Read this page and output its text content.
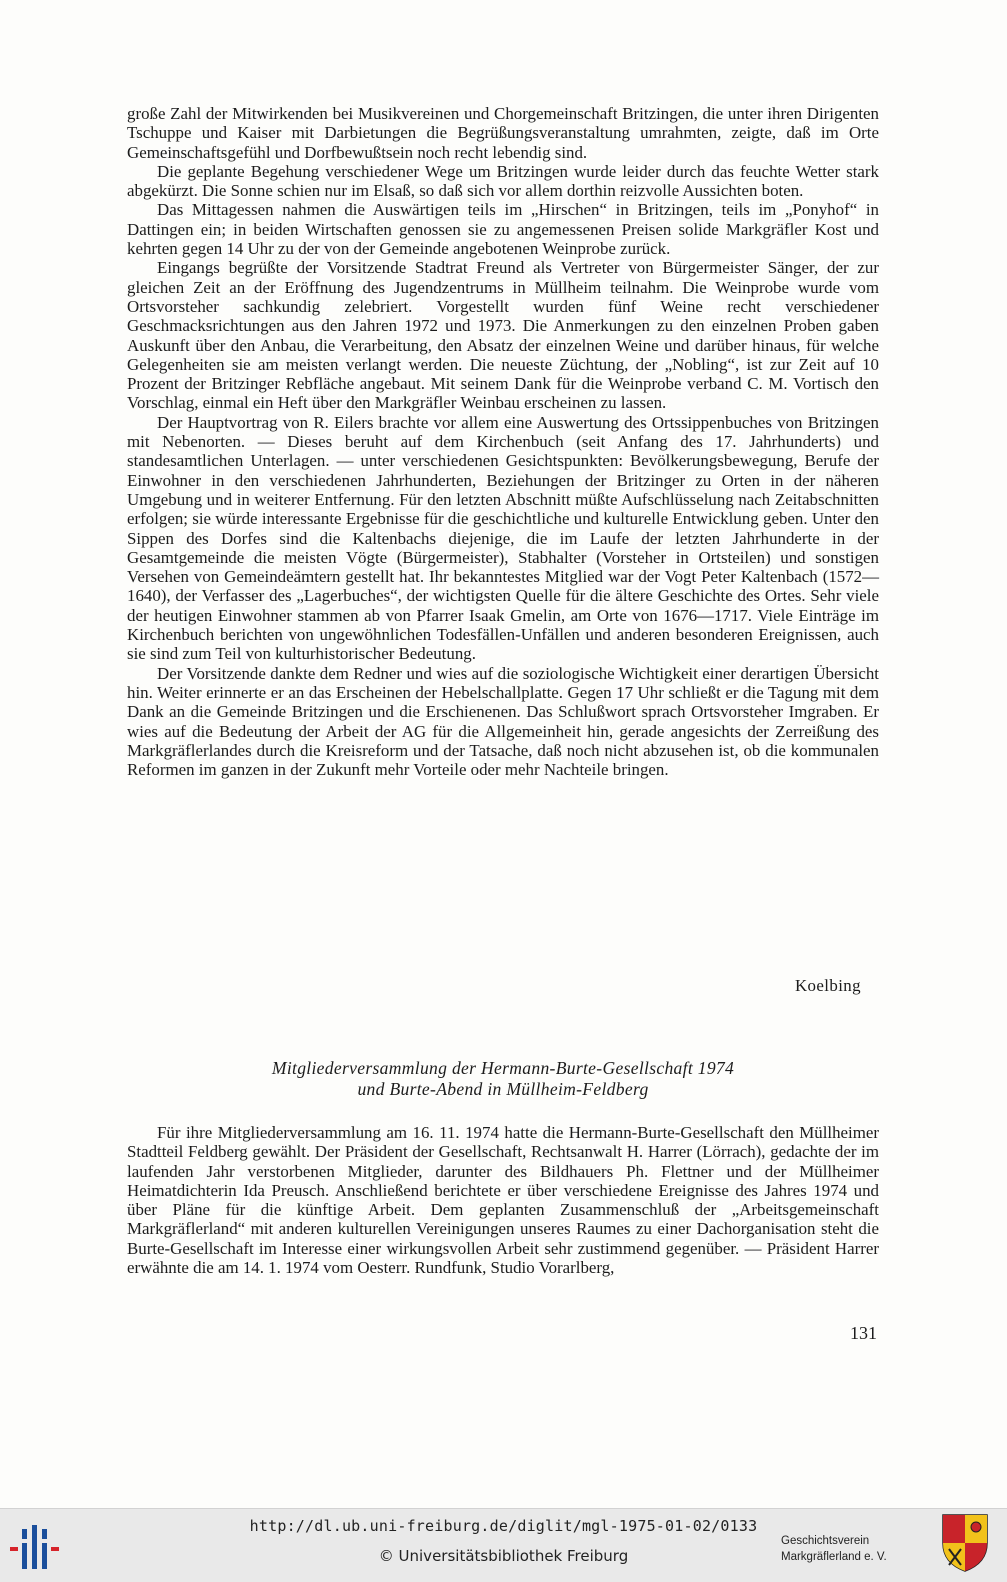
große Zahl der Mitwirkenden bei Musikvereinen und Chorgemeinschaft Britzingen, die unter ihren Dirigenten Tschuppe und Kaiser mit Darbietungen die Begrüßungsveranstaltung umrahmten, zeigte, daß im Orte Gemeinschaftsgefühl und Dorfbewußtsein noch recht lebendig sind.

Die geplante Begehung verschiedener Wege um Britzingen wurde leider durch das feuchte Wetter stark abgekürzt. Die Sonne schien nur im Elsaß, so daß sich vor allem dorthin reizvolle Aussichten boten.

Das Mittagessen nahmen die Auswärtigen teils im „Hirschen“ in Britzingen, teils im „Ponyhof“ in Dattingen ein; in beiden Wirtschaften genossen sie zu angemessenen Preisen solide Markgräfler Kost und kehrten gegen 14 Uhr zu der von der Gemeinde angebotenen Weinprobe zurück.

Eingangs begrüßte der Vorsitzende Stadtrat Freund als Vertreter von Bürgermeister Sänger, der zur gleichen Zeit an der Eröffnung des Jugendzentrums in Müllheim teilnahm. Die Weinprobe wurde vom Ortsvorsteher sachkundig zelebriert. Vorgestellt wurden fünf Weine recht verschiedener Geschmacksrichtungen aus den Jahren 1972 und 1973. Die Anmerkungen zu den einzelnen Proben gaben Auskunft über den Anbau, die Verarbeitung, den Absatz der einzelnen Weine und darüber hinaus, für welche Gelegenheiten sie am meisten verlangt werden. Die neueste Züchtung, der „Nobling“, ist zur Zeit auf 10 Prozent der Britzinger Rebfläche angebaut. Mit seinem Dank für die Weinprobe verband C. M. Vortisch den Vorschlag, einmal ein Heft über den Markgräfler Weinbau erscheinen zu lassen.

Der Hauptvortrag von R. Eilers brachte vor allem eine Auswertung des Ortssippenbuches von Britzingen mit Nebenorten. — Dieses beruht auf dem Kirchenbuch (seit Anfang des 17. Jahrhunderts) und standesamtlichen Unterlagen. — unter verschiedenen Gesichtspunkten: Bevölkerungsbewegung, Berufe der Einwohner in den verschiedenen Jahrhunderten, Beziehungen der Britzinger zu Orten in der näheren Umgebung und in weiterer Entfernung. Für den letzten Abschnitt müßte Aufschlüsselung nach Zeitabschnitten erfolgen; sie würde interessante Ergebnisse für die geschichtliche und kulturelle Entwicklung geben. Unter den Sippen des Dorfes sind die Kaltenbachs diejenige, die im Laufe der letzten Jahrhunderte in der Gesamtgemeinde die meisten Vögte (Bürgermeister), Stabhalter (Vorsteher in Ortsteilen) und sonstigen Versehen von Gemeindeämtern gestellt hat. Ihr bekanntestes Mitglied war der Vogt Peter Kaltenbach (1572—1640), der Verfasser des „Lagerbuches“, der wichtigsten Quelle für die ältere Geschichte des Ortes. Sehr viele der heutigen Einwohner stammen ab von Pfarrer Isaak Gmelin, am Orte von 1676—1717. Viele Einträge im Kirchenbuch berichten von ungewöhnlichen Todesfällen-Unfällen und anderen besonderen Ereignissen, auch sie sind zum Teil von kulturhistorischer Bedeutung.

Der Vorsitzende dankte dem Redner und wies auf die soziologische Wichtigkeit einer derartigen Übersicht hin. Weiter erinnerte er an das Erscheinen der Hebelschallplatte. Gegen 17 Uhr schließt er die Tagung mit dem Dank an die Gemeinde Britzingen und die Erschienenen. Das Schlußwort sprach Ortsvorsteher Imgraben. Er wies auf die Bedeutung der Arbeit der AG für die Allgemeinheit hin, gerade angesichts der Zerreißung des Markgräflerlandes durch die Kreisreform und der Tatsache, daß noch nicht abzusehen ist, ob die kommunalen Reformen im ganzen in der Zukunft mehr Vorteile oder mehr Nachteile bringen.

Koelbing
Mitgliederversammlung der Hermann-Burte-Gesellschaft 1974
und Burte-Abend in Müllheim-Feldberg

Für ihre Mitgliederversammlung am 16. 11. 1974 hatte die Hermann-Burte-Gesellschaft den Müllheimer Stadtteil Feldberg gewählt. Der Präsident der Gesellschaft, Rechtsanwalt H. Harrer (Lörrach), gedachte der im laufenden Jahr verstorbenen Mitglieder, darunter des Bildhauers Ph. Flettner und der Müllheimer Heimatdichterin Ida Preusch. Anschließend berichtete er über verschiedene Ereignisse des Jahres 1974 und über Pläne für die künftige Arbeit. Dem geplanten Zusammenschluß der „Arbeitsgemeinschaft Markgräflerland“ mit anderen kulturellen Vereinigungen unseres Raumes zu einer Dachorganisation steht die Burte-Gesellschaft im Interesse einer wirkungsvollen Arbeit sehr zustimmend gegenüber. — Präsident Harrer erwähnte die am 14. 1. 1974 vom Oesterr. Rundfunk, Studio Vorarlberg,

131
http://dl.ub.uni-freiburg.de/diglit/mgl-1975-01-02/0133
© Universitätsbibliothek Freiburg
Geschichtsverein
Markgräflerland e. V.
